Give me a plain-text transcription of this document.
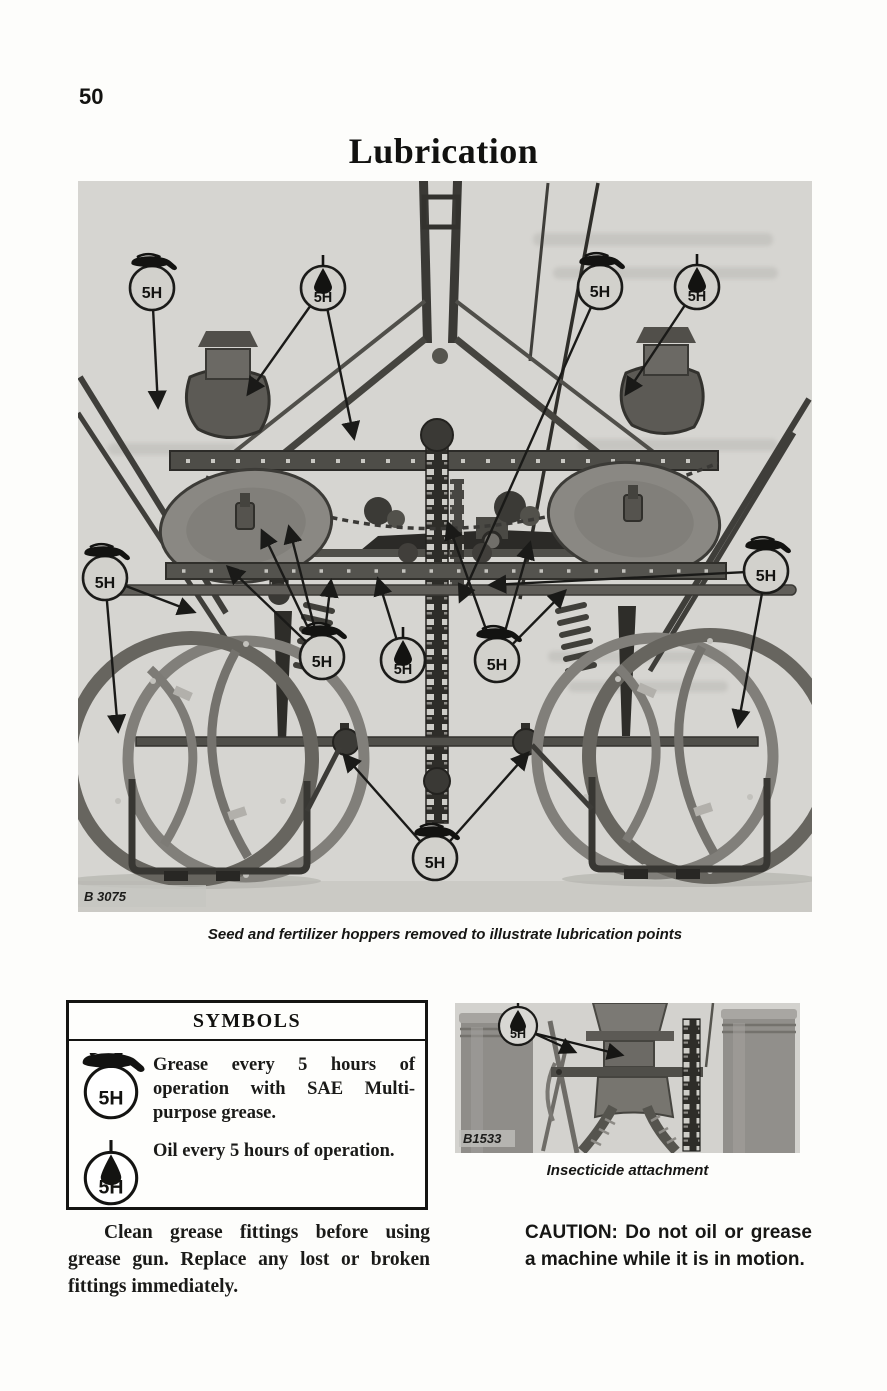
50
Lubrication
5H	5H	5H	5H
5H	5H
5H	5H	5H
5H
B 3075
Seed and fertilizer hoppers removed to illustrate lubrication points
SYMBOLS
5H

Grease every 5 hours of operation with SAE Multi-purpose grease.

5H

Oil every 5 hours of operation.

5H
B1533
Insecticide attachment

Clean grease fittings before using grease gun. Replace any lost or broken fittings immediately.

CAUTION: Do not oil or grease a machine while it is in motion.
